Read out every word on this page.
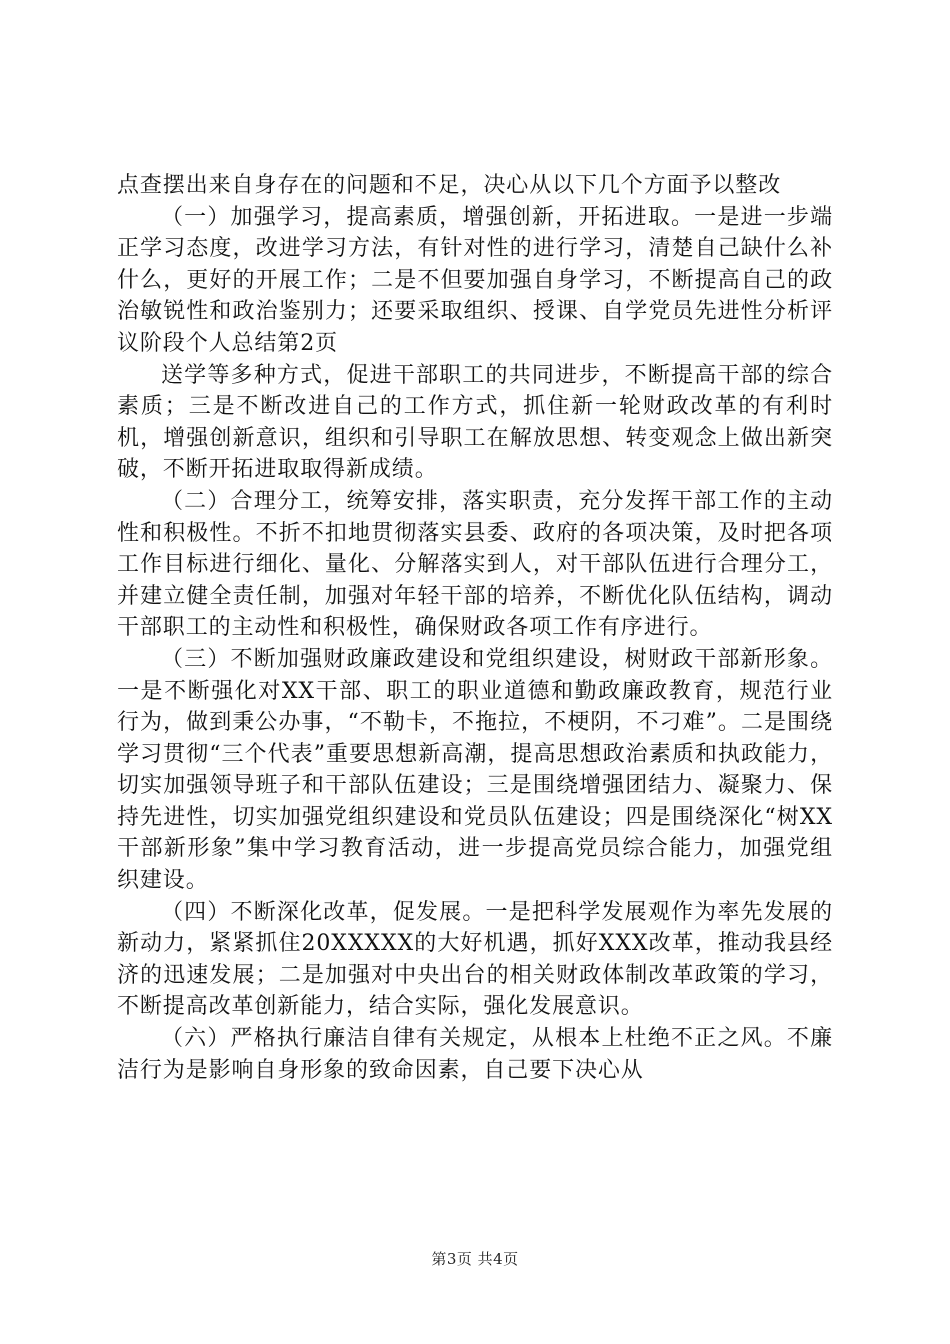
点查摆出来自身存在的问题和不足，决心从以下几个方面予以整改

（一）加强学习，提高素质，增强创新，开拓进取。一是进一步端正学习态度，改进学习方法，有针对性的进行学习，清楚自己缺什么补什么，更好的开展工作；二是不但要加强自身学习，不断提高自己的政治敏锐性和政治鉴别力；还要采取组织、授课、自学党员先进性分析评议阶段个人总结第2页

送学等多种方式，促进干部职工的共同进步，不断提高干部的综合素质；三是不断改进自己的工作方式，抓住新一轮财政改革的有利时机，增强创新意识，组织和引导职工在解放思想、转变观念上做出新突破，不断开拓进取取得新成绩。

（二）合理分工，统筹安排，落实职责，充分发挥干部工作的主动性和积极性。不折不扣地贯彻落实县委、政府的各项决策，及时把各项工作目标进行细化、量化、分解落实到人，对干部队伍进行合理分工，并建立健全责任制，加强对年轻干部的培养，不断优化队伍结构，调动干部职工的主动性和积极性，确保财政各项工作有序进行。

（三）不断加强财政廉政建设和党组织建设，树财政干部新形象。一是不断强化对XX干部、职工的职业道德和勤政廉政教育，规范行业行为，做到秉公办事，“不勒卡，不拖拉，不梗阴，不刁难”。二是围绕学习贯彻“三个代表”重要思想新高潮，提高思想政治素质和执政能力，切实加强领导班子和干部队伍建设；三是围绕增强团结力、凝聚力、保持先进性，切实加强党组织建设和党员队伍建设；四是围绕深化“树XX干部新形象”集中学习教育活动，进一步提高党员综合能力，加强党组织建设。

（四）不断深化改革，促发展。一是把科学发展观作为率先发展的新动力，紧紧抓住20XXXXX的大好机遇，抓好XXX改革，推动我县经济的迅速发展；二是加强对中央出台的相关财政体制改革政策的学习，不断提高改革创新能力，结合实际，强化发展意识。

（六）严格执行廉洁自律有关规定，从根本上杜绝不正之风。不廉洁行为是影响自身形象的致命因素，自己要下决心从

第3页 共4页
